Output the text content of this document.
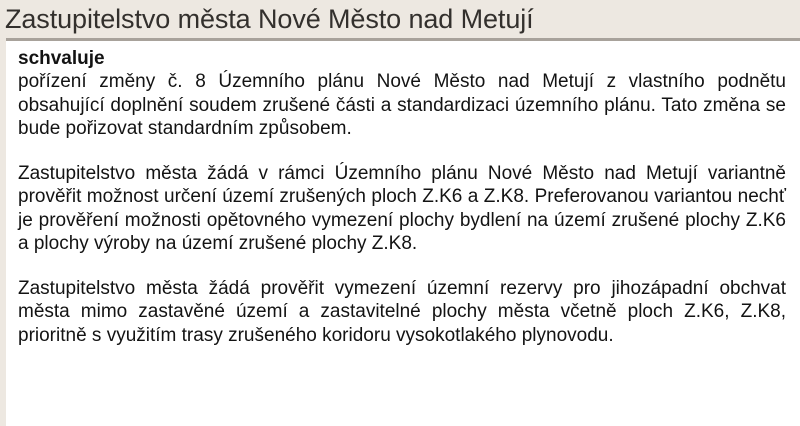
Zastupitelstvo města Nové Město nad Metují

schvaluje

pořízení změny č. 8 Územního plánu Nové Město nad Metují z vlastního podnětu obsahující doplnění soudem zrušené části a standardizaci územního plánu. Tato změna se bude pořizovat standardním způsobem.

Zastupitelstvo města žádá v rámci Územního plánu Nové Město nad Metují variantně prověřit možnost určení území zrušených ploch Z.K6 a Z.K8. Preferovanou variantou nechť je prověření možnosti opětovného vymezení plochy bydlení na území zrušené plochy Z.K6 a plochy výroby na území zrušené plochy Z.K8.

Zastupitelstvo města žádá prověřit vymezení územní rezervy pro jihozápadní obchvat města mimo zastavěné území a zastavitelné plochy města včetně ploch Z.K6, Z.K8, prioritně s využitím trasy zrušeného koridoru vysokotlakého plynovodu.
